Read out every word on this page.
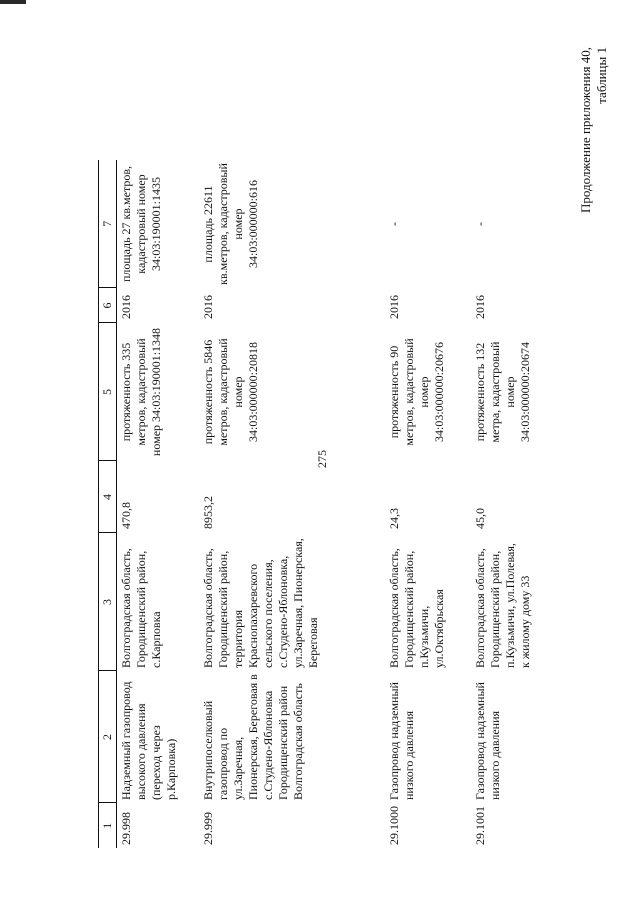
275
Продолжение приложения 40, таблицы 1
1	2	3	4	5	6	7
29.998	Надземный газопровод высокого давления (переход через р.Карповка)	Волгоградская область, Городищенский район, с.Карповка	470,8	протяженность 335 метров, кадастровый номер 34:03:190001:1348	2016	площадь 27 кв.метров, кадастровый номер 34:03:190001:1435
29.999	Внутрипоселковый газопровод по ул.Заречная, Пионерская, Береговая в с.Студено-Яблоновка Городищенский район Волгоградская область	Волгоградская область, Городищенский район, территория Краснопахаревского сельского поселения, с.Студено-Яблоновка, ул.Заречная, Пионерская, Береговая	8953,2	протяженность 5846 метров, кадастровый номер 34:03:000000:20818	2016	площадь 22611 кв.метров, кадастровый номер 34:03:000000:616
29.1000	Газопровод надземный низкого давления	Волгоградская область, Городищенский район, п.Кузьмичи, ул.Октябрьская	24,3	протяженность 90 метров, кадастровый номер 34:03:000000:20676	2016	-
29.1001	Газопровод надземный низкого давления	Волгоградская область, Городищенский район, п.Кузьмичи, ул.Полевая, к жилому дому 33	45,0	протяженность 132 метра, кадастровый номер 34:03:000000:20674	2016	-
